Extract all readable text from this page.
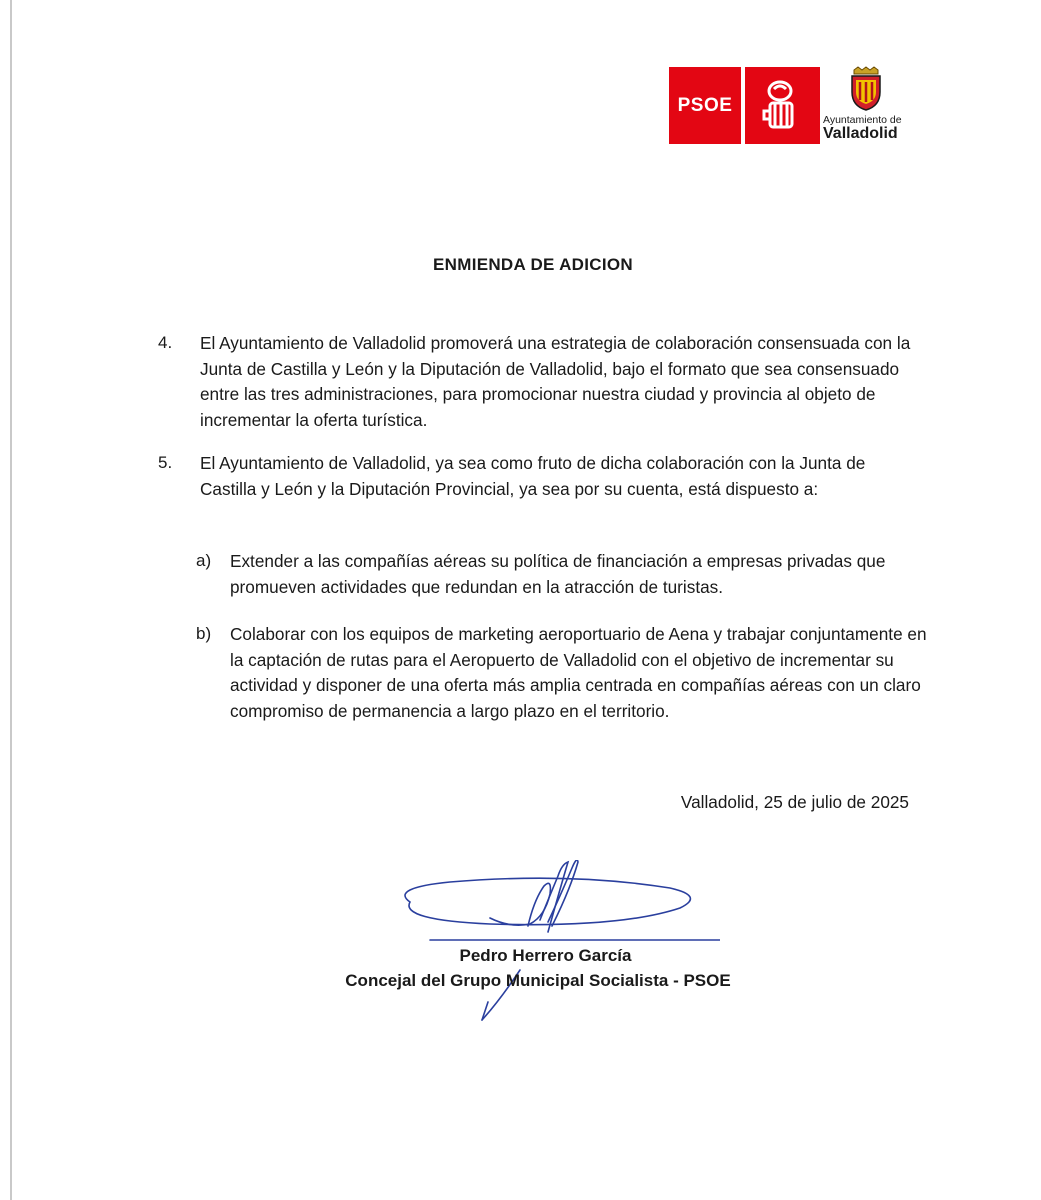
PSOE
Ayuntamiento de
Valladolid
ENMIENDA DE ADICION
4. El Ayuntamiento de Valladolid promoverá una estrategia de colaboración consensuada con la Junta de Castilla y León y la Diputación de Valladolid, bajo el formato que sea consensuado entre las tres administraciones, para promocionar nuestra ciudad y provincia al objeto de incrementar la oferta turística.
5. El Ayuntamiento de Valladolid, ya sea como fruto de dicha colaboración con la Junta de Castilla y León y la Diputación Provincial, ya sea por su cuenta, está dispuesto a:
a) Extender a las compañías aéreas su política de financiación a empresas privadas que promueven actividades que redundan en la atracción de turistas.
b) Colaborar con los equipos de marketing aeroportuario de Aena y trabajar conjuntamente en la captación de rutas para el Aeropuerto de Valladolid con el objetivo de incrementar su actividad y disponer de una oferta más amplia centrada en compañías aéreas con un claro compromiso de permanencia a largo plazo en el territorio.
Valladolid, 25 de julio de 2025
Pedro Herrero García
Concejal del Grupo Municipal Socialista - PSOE
